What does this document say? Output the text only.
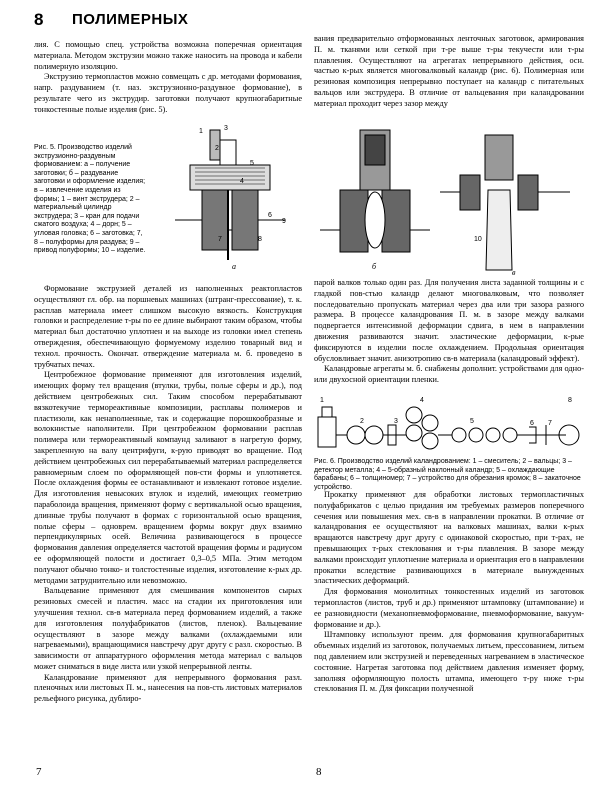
8 ПОЛИМЕРНЫХ

лия. С помощью спец. устройства возможна поперечная ориентация материала. Методом экструзии можно также наносить на провода и кабели полимерную изоляцию.

Экструзию термопластов можно совмещать с др. методами формования, напр. раздуванием (т. наз. экструзионно-раздувное формование), в результате чего из экструдир. заготовки получают крупногабаритные тонкостенные полые изделия (рис. 5).

вания предварительно отформованных ленточных заготовок, армирования П. м. тканями или сеткой при т-ре выше т-ры текучести или т-ры плавления. Осуществляют на агрегатах непрерывного действия, осн. частью к-рых является многовалковый каландр (рис. 6). Полимерная или резиновая композиция непрерывно поступает на каландр с питательных вальцов или экструдера. В отличие от вальцевания при каландровании материал проходит через зазор между

Рис. 5. Производство изделий экструзионно-раздувным формованием: а – получение заготовки; б – раздувание заготовки и оформление изделия; в – извлечение изделия из формы; 1 – винт экструдера; 2 – материальный цилиндр экструдера; 3 – кран для подачи сжатого воздуха; 4 – дорн; 5 – угловая головка; 6 – заготовка; 7, 8 – полуформы для раздува; 9 – привод полуформы; 10 – изделие.

а	б
в
1
2
3
4
5
6
7	8
9
10

Формование экструзией деталей из наполненных реактопластов осуществляют гл. обр. на поршневых машинах (штранг-прессование), т. к. расплав материала имеет слишком высокую вязкость. Конструкция головки и распределение т-ры по ее длине выбирают таким образом, чтобы материал был достаточно уплотнен и на выходе из головки имел степень отверждения, обеспечивающую формуемому изделию товарный вид и технол. прочность. Окончат. отверждение материала м. б. проведено в трубчатых печах.

Центробежное формование применяют для изготовления изделий, имеющих форму тел вращения (втулки, трубы, полые сферы и др.), под действием центробежных сил. Таким способом перерабатывают вязкотекучие термореактивные композиции, расплавы полимеров и пластизоли, как ненаполненные, так и содержащие порошкообразные и волокнистые наполнители. При центробежном формовании расплав полимера или термореактивный компаунд заливают в нагретую форму, закрепленную на валу центрифуги, к-рую приводят во вращение. Под действием центробежных сил перерабатываемый материал распределяется равномерным слоем по оформляющей пов-сти формы и уплотняется. После охлаждения формы ее останавливают и извлекают готовое изделие. Для изготовления невысоких втулок и изделий, имеющих геометрию параболоида вращения, применяют форму с вертикальной осью вращения, длинные трубы получают в формах с горизонтальной осью вращения, полые сферы – одноврем. вращением формы вокруг двух взаимно перпендикулярных осей. Величина развивающегося в процессе формования давления определяется частотой вращения формы и радиусом ее оформляющей полости и достигает 0,3–0,5 МПа. Этим методом получают обычно тонко- и толстостенные изделия, изготовление к-рых др. методами затруднительно или невозможно.

Вальцевание применяют для смешивания компонентов сырых резиновых смесей и пластич. масс на стадии их приготовления или улучшения технол. св-в материала перед формованием изделий, а также для изготовления полуфабрикатов (листов, пленок). Вальцевание осуществляют в зазоре между валками (охлаждаемыми или нагреваемыми), вращающимися навстречу друг другу с разл. скоростью. В зависимости от аппаратурного оформления метода материал с вальцов может сниматься в виде листа или узкой непрерывной ленты.

Каландрование применяют для непрерывного формования разл. пленочных или листовых П. м., нанесения на пов-сть листовых материалов рельефного рисунка, дублиро-

парой валков только один раз. Для получения листа заданной толщины и с гладкой пов-стью каландр делают многовалковым, что позволяет последовательно пропускать материал через два или три зазора разного размера. В процессе каландрования П. м. в зазоре между валками подвергается интенсивной деформации сдвига, в нем в направлении движения развиваются значит. эластические деформации, к-рые фиксируются в изделии после охлаждением. Продольная ориентация обусловливает значит. анизотропию св-в материала (каландровый эффект).

Каландровые агрегаты м. б. снабжены дополнит. устройствами для одно- или двухосной ориентации пленки.

1
2	3
4
5	6 7
8

Рис. 6. Производство изделий каландрованием: 1 – смеситель; 2 – вальцы; 3 – детектор металла; 4 – 5-образный наклонный каландр; 5 – охлаждающие барабаны; 6 – толщиномер; 7 – устройство для обрезания кромок; 8 – закаточное устройство.

Прокатку применяют для обработки листовых термопластичных полуфабрикатов с целью придания им требуемых размеров поперечного сечения или повышения мех. св-в в направлении прокатки. В отличие от каландрования ее осуществляют на валковых машинах, валки к-рых вращаются навстречу друг другу с одинаковой скоростью, при т-рах, не превышающих т-рых стеклования и т-ры плавления. В зазоре между валками происходит уплотнение материала и ориентация его в направлении прокатки вследствие развивающихся в материале вынужденных эластических деформаций.

Для формования монолитных тонкостенных изделий из заготовок термопластов (листов, труб и др.) применяют штамповку (штампование) и ее разновидности (механопневмоформование, пневмоформование, вакуум-формование и др.).

Штамповку используют преим. для формования крупногабаритных объемных изделий из заготовок, получаемых литьем, прессованием, литьем под давлением или экструзией и переведенных нагреванием в эластическое состояние. Нагретая заготовка под действием давления изменяет форму, заполняя оформляющую полость штампа, имеющего т-ру ниже т-ры стеклования П. м. Для фиксации полученной

7	8
